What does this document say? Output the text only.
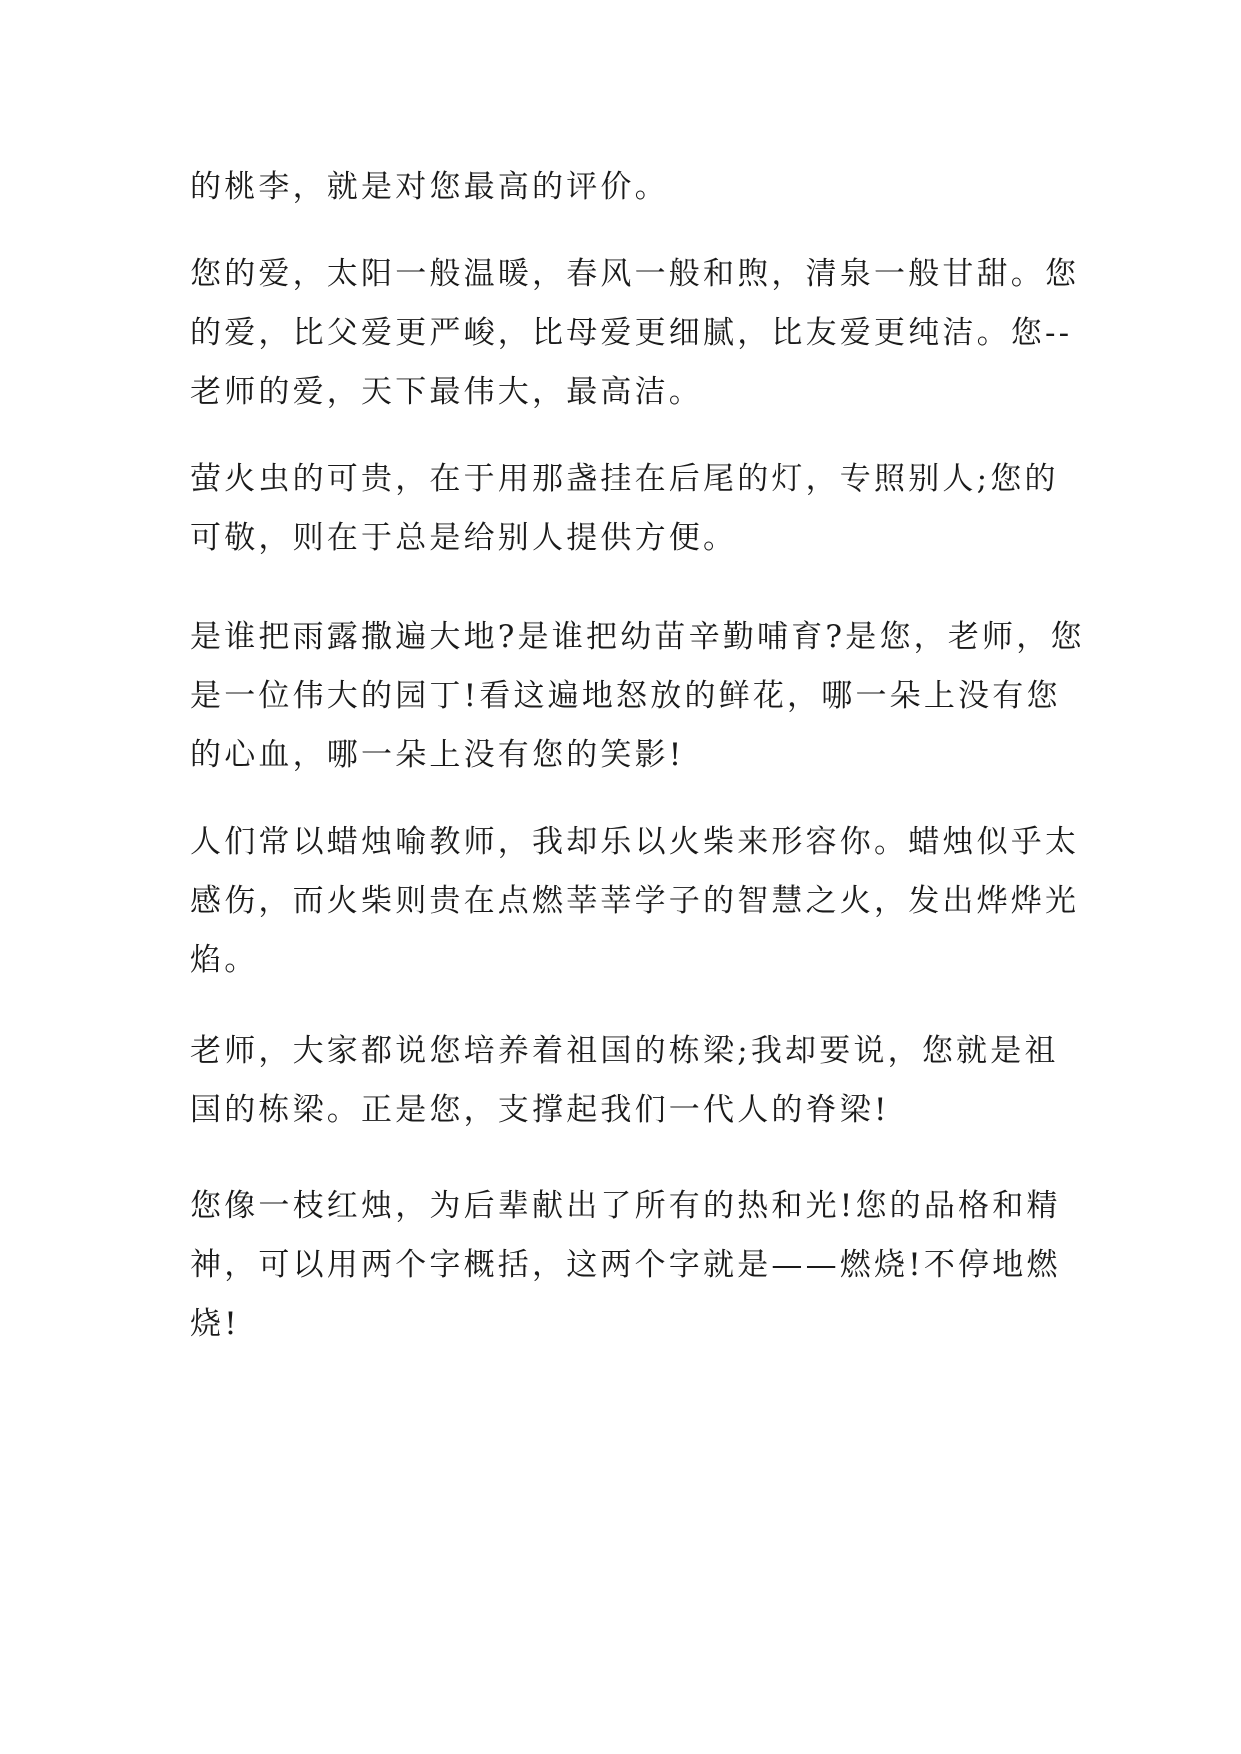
的桃李，就是对您最高的评价。
您的爱，太阳一般温暖，春风一般和煦，清泉一般甘甜。您
的爱，比父爱更严峻，比母爱更细腻，比友爱更纯洁。您--
老师的爱，天下最伟大，最高洁。
萤火虫的可贵，在于用那盏挂在后尾的灯，专照别人;您的
可敬，则在于总是给别人提供方便。
是谁把雨露撒遍大地?是谁把幼苗辛勤哺育?是您，老师，您
是一位伟大的园丁!看这遍地怒放的鲜花，哪一朵上没有您
的心血，哪一朵上没有您的笑影!
人们常以蜡烛喻教师，我却乐以火柴来形容你。蜡烛似乎太
感伤，而火柴则贵在点燃莘莘学子的智慧之火，发出烨烨光
焰。
老师，大家都说您培养着祖国的栋梁;我却要说，您就是祖
国的栋梁。正是您，支撑起我们一代人的脊梁!
您像一枝红烛，为后辈献出了所有的热和光!您的品格和精
神，可以用两个字概括，这两个字就是——燃烧!不停地燃
烧!
